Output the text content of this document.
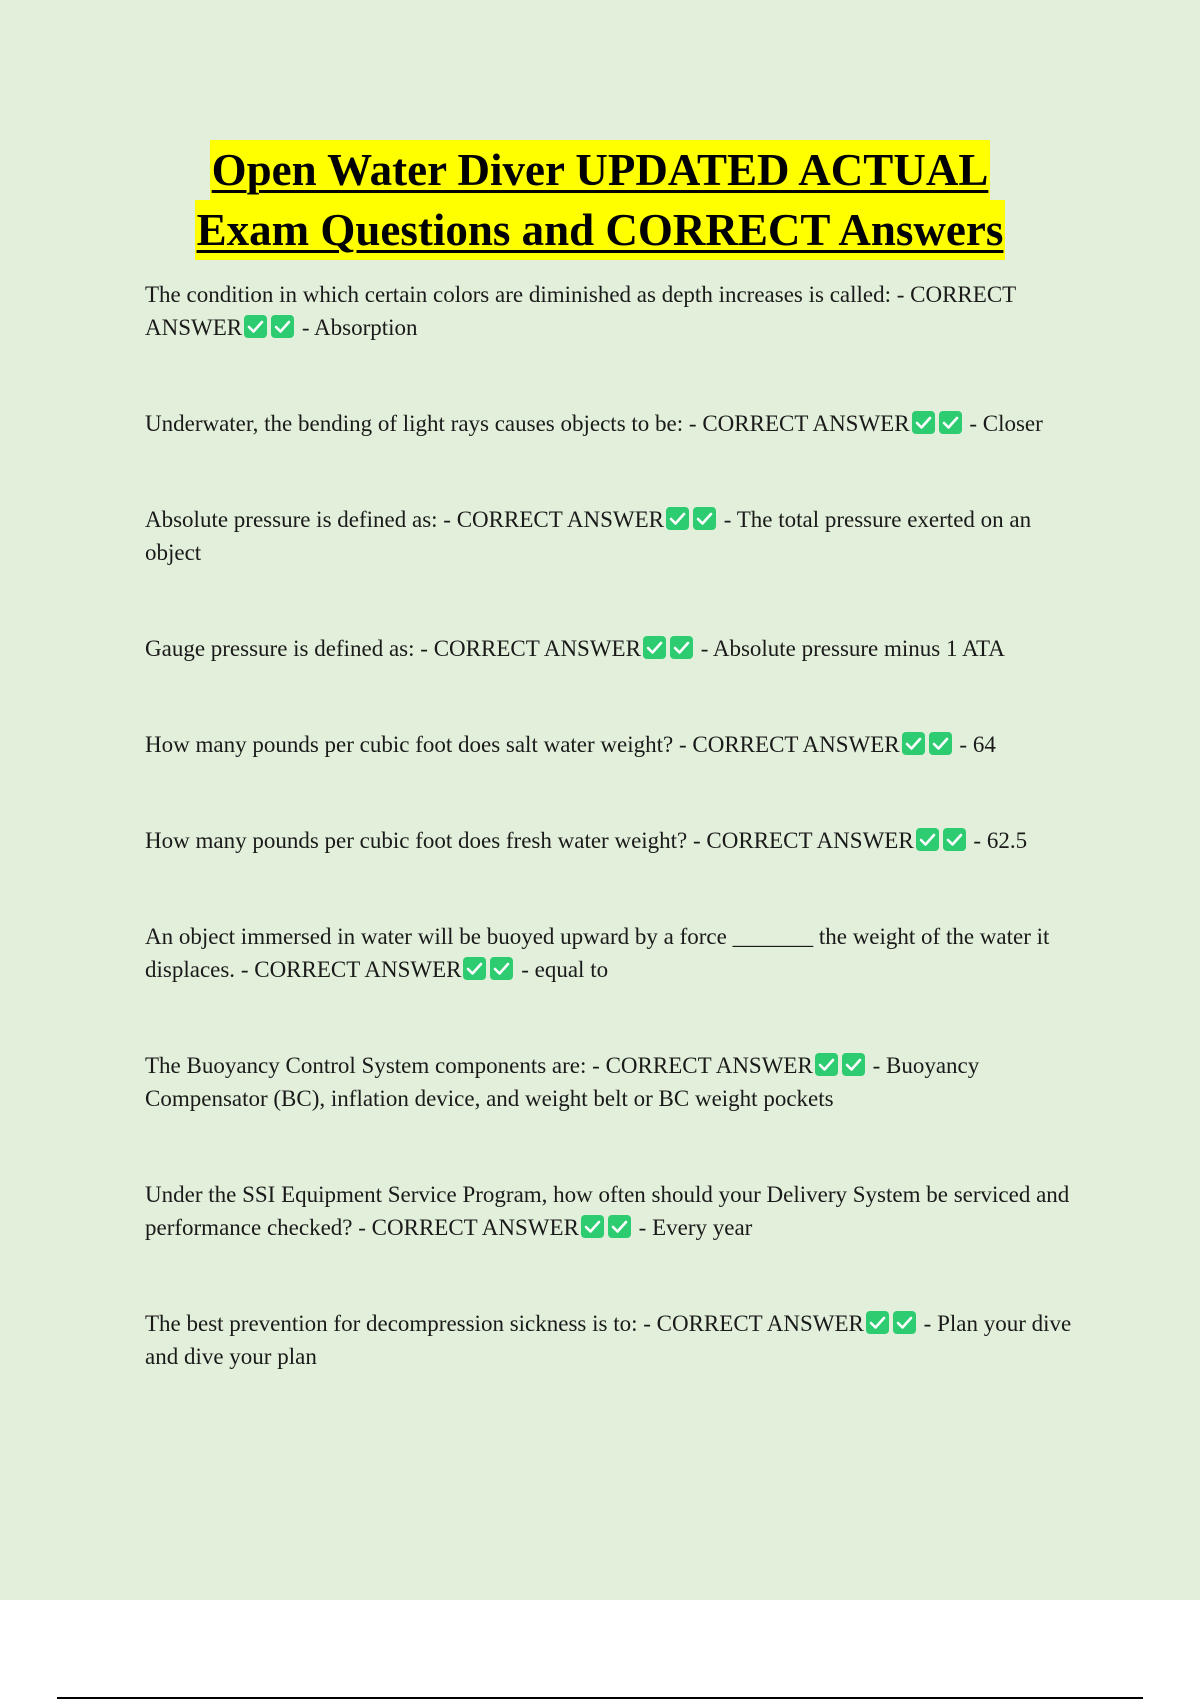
Open Water Diver UPDATED ACTUAL
Exam Questions and CORRECT Answers

The condition in which certain colors are diminished as depth increases is called: - CORRECT ANSWER
- Absorption

Underwater, the bending of light rays causes objects to be: - CORRECT ANSWER
- Closer

Absolute pressure is defined as: - CORRECT ANSWER
- The total pressure exerted on an object

Gauge pressure is defined as: - CORRECT ANSWER
- Absolute pressure minus 1 ATA

How many pounds per cubic foot does salt water weight? - CORRECT ANSWER
- 64

How many pounds per cubic foot does fresh water weight? - CORRECT ANSWER
- 62.5

An object immersed in water will be buoyed upward by a force _______ the weight of the water it displaces. - CORRECT ANSWER
- equal to

The Buoyancy Control System components are: - CORRECT ANSWER
- Buoyancy Compensator (BC), inflation device, and weight belt or BC weight pockets

Under the SSI Equipment Service Program, how often should your Delivery System be serviced and performance checked? - CORRECT ANSWER
- Every year

The best prevention for decompression sickness is to: - CORRECT ANSWER
- Plan your dive and dive your plan
